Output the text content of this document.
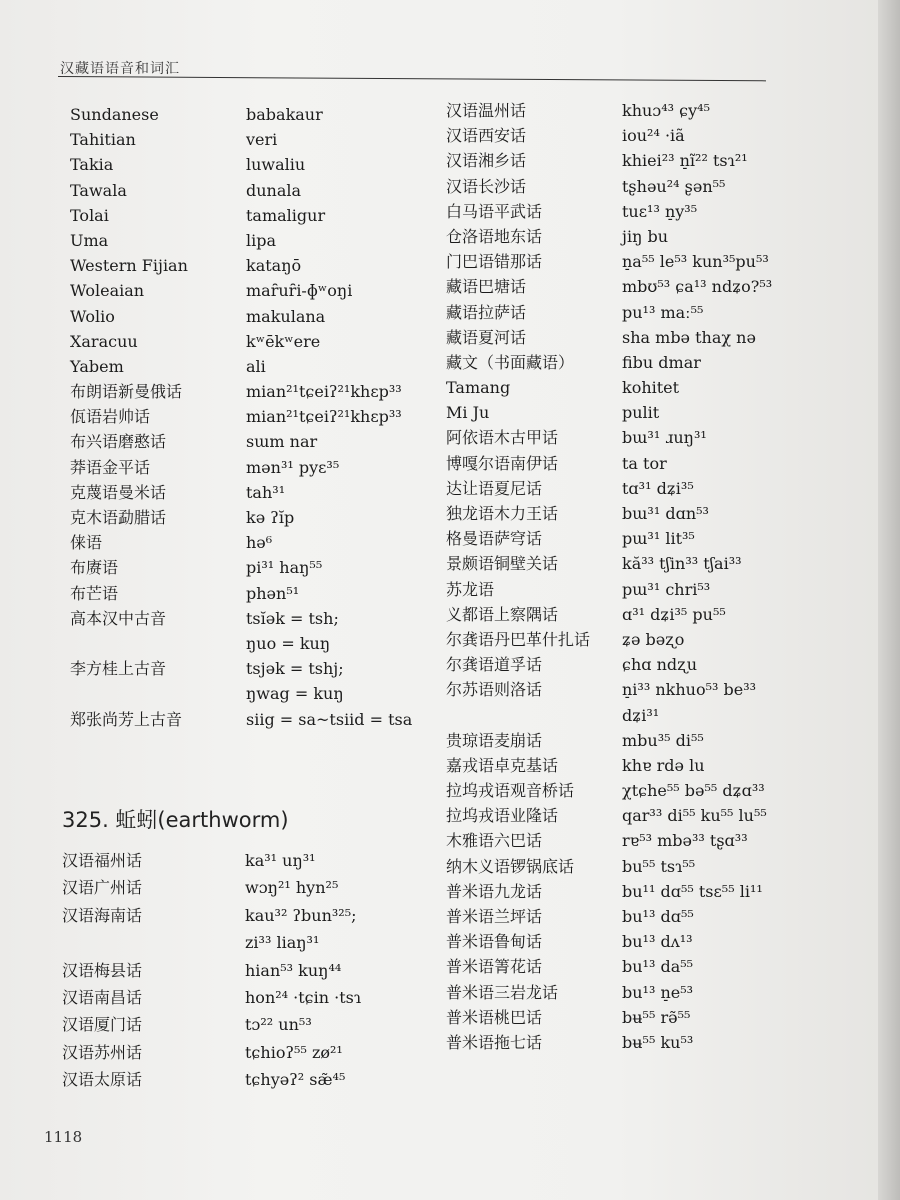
汉藏语语音和词汇
Sundanese	babakaur
Tahitian	veri
Takia	luwaliu
Tawala	dunala
Tolai	tamaligur
Uma	lipa
Western Fijian	kataŋō
Woleaian	maȓuȓi-ɸʷoŋi
Wolio	makulana
Xaracuu	kʷēkʷere
Yabem	ali
布朗语新曼俄话	mian²¹tɕeiʔ²¹khɛp³³
佤语岩帅话	mian²¹tɕeiʔ²¹khɛp³³
布兴语磨憨话	sɯm nar
莽语金平话	mən³¹ pyɛ³⁵
克蔑语曼米话	tah³¹
克木语勐腊话	kə ʔĭp
俫语	hə⁶
布赓语	pi³¹ haŋ⁵⁵
布芒语	phən⁵¹
高本汉中古音	tsĭək = tsh;
ŋuo = kuŋ
李方桂上古音	tsjək = tshj;
ŋwag = kuŋ
郑张尚芳上古音	siig = sa~tsiid = tsa
325. 蚯蚓(earthworm)
汉语福州话	ka³¹ uŋ³¹
汉语广州话	wɔŋ²¹ hyn²⁵
汉语海南话	kau³² ʔbun³²⁵;
zi³³ liaŋ³¹
汉语梅县话	hian⁵³ kuŋ⁴⁴
汉语南昌话	hon²⁴ ·tɕin ·tsɿ
汉语厦门话	tɔ²² un⁵³
汉语苏州话	tɕhioʔ⁵⁵ zø²¹
汉语太原话	tɕhyəʔ² sæ̃⁴⁵
汉语温州话	khuɔ⁴³ ɕy⁴⁵
汉语西安话	iou²⁴ ·iã
汉语湘乡话	khiei²³ n̠ĩ²² tsɿ²¹
汉语长沙话	tʂhəu²⁴ ʂən⁵⁵
白马语平武话	tuɛ¹³ n̠y³⁵
仓洛语地东话	jiŋ bu
门巴语错那话	n̠a⁵⁵ le⁵³ kun³⁵pu⁵³
藏语巴塘话	mbʊ⁵³ ɕa¹³ ndʑo?⁵³
藏语拉萨话	pu¹³ maː⁵⁵
藏语夏河话	sha mbə thaχ nə
藏文（书面藏语）	fibu dmar
Tamang	kohitet
Mi Ju	pulit
阿依语木古甲话	bɯ³¹ ɹuŋ³¹
博嘎尔语南伊话	ta tor
达让语夏尼话	tɑ³¹ dʑi³⁵
独龙语木力王话	bɯ³¹ dɑn⁵³
格曼语萨穹话	pɯ³¹ lit³⁵
景颇语铜壁关话	kă³³ tʃin³³ tʃai³³
苏龙语	pɯ³¹ chri⁵³
义都语上察隅话	ɑ³¹ dʑi³⁵ pu⁵⁵
尔龚语丹巴革什扎话 ʑə bəʐo
尔龚语道孚话	ɕhɑ ndʐu
尔苏语则洛话	n̠i³³ nkhuo⁵³ be³³
dʑi³¹
贵琼语麦崩话	mbu³⁵ di⁵⁵
嘉戎语卓克基话	khɐ rdə lu
拉坞戎语观音桥话	χtɕhe⁵⁵ bə⁵⁵ dʑɑ³³
拉坞戎语业隆话	qar³³ di⁵⁵ ku⁵⁵ lu⁵⁵
木雅语六巴话	rɐ⁵³ mbə³³ tʂɑ³³
纳木义语锣锅底话	bu⁵⁵ tsɿ⁵⁵
普米语九龙话	bu¹¹ dɑ⁵⁵ tsɛ⁵⁵ li¹¹
普米语兰坪话	bu¹³ dɑ⁵⁵
普米语鲁甸话	bu¹³ dʌ¹³
普米语箐花话	bu¹³ da⁵⁵
普米语三岩龙话	bu¹³ n̠e⁵³
普米语桃巴话	bʉ⁵⁵ rə̃⁵⁵
普米语拖七话	bʉ⁵⁵ ku⁵³
1118
